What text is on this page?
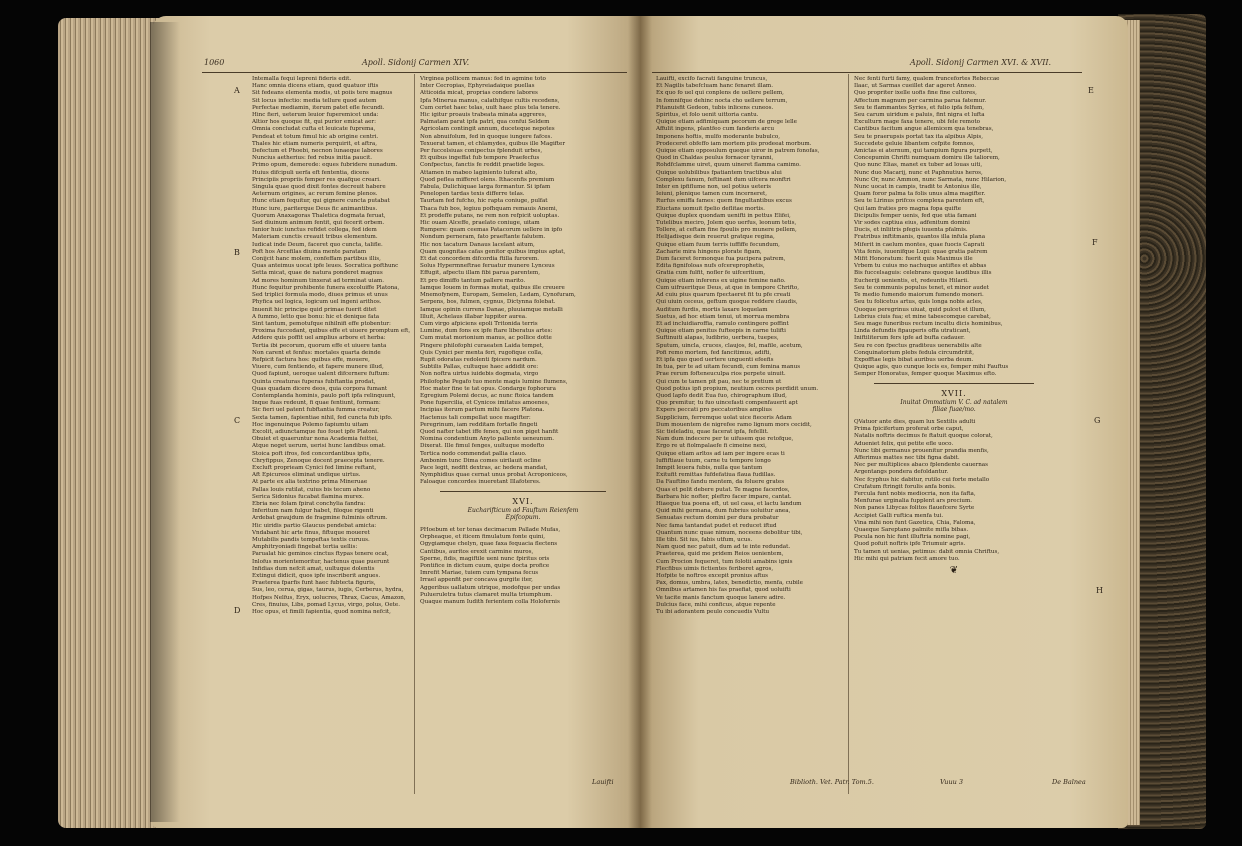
1060	Apoll. Sidonij Carmen XIV.
A
B
C
D
Intemalla fequi lepreni fideris edit.
Hanc omnia dicens etiam, quod quatuor iftis
Sit fedeans elementa modis, ut poiis tere magnus
Sit locus infectio: media tellure quod autem
Perfectae mediamin, iterum patet efle fecundi.
Hinc fieri, ueterum leuior fuperemicet unda:
Altior hos quoque fit, qui purior emicat aer:
Omnia concludat cufta et leuicate fuprema,
Pendeat et totum fimul hic ab origine centri.
Thales hic etiam numeris perquirit, et aftra,
Defectum et Phoebi, necnon lunaeque labores
Nuncius aetherius: fed rebus initia paucit.
Primo opum, demerede: eques fubridere nunadum.
Huius difcipuli uerfa eft fententia, dicens
Principiis propriis femper res quafque creari.
Singula quae quod dixit fontes decreuit habere
Aeternum origines, ac rerum femine plenos.
Hunc etiam fequitur, qui gignere cuncta putabat
Hunc iure, pariterque Deus fic animantibus.
Quorum Anaxagoras Thaletica dogmata feruat,
Sed diuinum animum fentit, qui fecerit orbem.
Iunior huic iunctus refidet collega, fed idem
Materiam cunctis creauit tribus elementum.
Iudicat inde Deum, faceret quo cuncta, talifle.
Poft hos Arcefilas diuina mente paratam
Conijcit hanc molem, confeffam partibus illis,
Quas anteimus uocat ipfe leues. Socratica pofthunc
Setta micat, quae de natura ponderet magnus
Ad mores hominum tinxerat ad terminat uiam.
Hunc fequitur prohibente funera excoluiffe Platona,
Sed triplici formula modo, diues primus et unus
Phyfica uel logica, logicum uel ingeni arithos.
Inuenit hic principe quid primae fuerit ditet
A fummo, letto que bonu: hic et denique fata
Sint tantum, pemotufque nihilnifi effe ptobentur:
Proxima fuccedant, quibus effe et uiuere promptum eft,
Addere quis poffit uel amplius arbore et herba:
Tertia ibi pecorum, quorum effe et uiuere tanta
Non carent et fenfus: mortales quarta deinde
Refpicit factura hos: quibus effe, mouere,
Viuere, cum fentiendo, et fapere munere illud,
Quod fapiunt, ueroque ualent difcernere fuftum:
Quinta creaturas fuperas fubftantia prodat,
Quas quadam dicere deos, quia corpora fumant
Contemplanda hominis, paulo poft ipfa relinquunt,
Inque fuas redeunt, fi quae fentiunt, formam:
Sic fieri uel patent fubftantia fumma creatur,
Sexta tamen, fapientiae nihil, fed cuncta fub ipfo.
Hoc ingenuinque Polemo fapiumtu uitam
Excolit, adiunctamque fuo fouet ipfe Platoni.
Obuiet et quaeruntur nona Academia feittei,
Atque neget uerum, uerisi hunc landibus omat.
Stoica poft ifros, fed concordantibus ipfis,
Chryfippus, Zenoque docent praecepta tenere.
Excluft proprieam Cynici fed limine reftant,
Aft Epicureos eliminat undique uirtus.
At parte ex alia textrino prima Mineruae
Pallas louis rutilat, cuius bis tecum aheno
Serica Sidonius fucabat flamina murex.
Ebria nec folam fpirat conchylia fandra:
Inferitum nam fulgur habet, filoque rigenti
Ardebat graujdum de fragmine fulminis oftrum.
Hic uiridis partio Glaucus pendebat amicta:
Vndabant hic arte finus, fiftuque moueret
Mutabilis pandis tempeftas textis curuus.
Amphitryoniadi fingebat tertia uellis:
Parualat hic geminos cinctus ftypas tenere ocat,
Inlofus morientemoritur, hactenus quae puerunt
Infidias dum nefcit amat, uultuque dolentis
Extingui didicit, quos ipfe inscriberit angues.
Praeterea fparfis funt haec fubtecta figuris,
Sus, leo, cerua, gigas, taurus, iugis, Cerberus, hydra,
Hofpes Nelfus, Eryx, uolucres, Thrax, Cacus, Amazon,
Cres, finuius, Libs, pomad Lycus, virgo, polus, Oete.
Hoc opus, et fimili fapientia, quod nomina nefcit,
Virginea pollicem manus: fed in agmine toto
Inter Cecropias, Ephyreiadaique puellas
Atticoida micat, proprias condere labores
Ipfa Minerua manus, calathifque cultis recedens,
Cum certet haec telas, uult haec plus tela tenere.
Hic igitur proauis trabeata minata aggreres,
Palmatam parat ipfa patri, qua confui Seldem
Agricolam contingit annum, duceteque nepotes
Non abnuifolum, fed in quoque iungere fafces.
Texuerat tamen, et chlamydes, quibus ille Magifter
Per fuccelsiuas conipectus fplenduit urbes,
Et quibus ingeffat fub tempore Praefecfus
Confpectus, fanctis fe reddit praetide leges.
Attamen in mabeo laginiento luferat alto,
Quod peflea mifferet olens. Ithacenfis premium
Fabula, Dulichiquae larga formantur. Si ipfam
Penelopen tardas texis differre telas.
Taurtam fed fufcho, hic rapta coniuge, pulfat
Thaca fub bos, legiuu pofhquam remauis Anemi,
Et prodeffe putans, ne rem non refpicit uoluptas.
Hic ouam Alceffe, praelato coniuge, uitam
Rumpere: quam ceemas Patacorum uellere in ipfo
Nondum perneram, fato praeftante falutem.
Hic nox tacaturn Danaus lacelant aitum,
Quam quognitas cafas genitor quibus impius aptat,
Et dat concordem difcordia ftilla furorem.
Solus Hypermneftrae feruatur munere Lynceus
Effugit, afpectu illam fibi parua parentem,
Et pro dimiffo tantum pallere marito.
Iamque Iouem in formas mutat, quibus ille creuere
Mnemofynem, Europam, Semelen, Ledam, Cynofuram,
Serpens, bos, fulmen, cygnus, Dictynna folebat.
Iamque opinin currens Danae, pluuiamque metalli
Illuit, Achelaus illabar luppiter aurea.
Cum virgo afpiciens epoli Tritonida terris
Lumine, dum fons ex ipfe ftare liberatus artes:
Cum mutat morionium manus, ac pollice dotte
Pingere philofophi curaeaten Laida tempet,
Quis Cynici per menta feri, rugofique colla,
Rupit odoratas redolenti fpicere nardum.
Subtilis Pallas, cultuque haec addidit ore:
Non noftra uirtus iuidebis dogmata, virgo
Philofophe Pegafo tuo mente magis lumine flumens,
Hoc mater fine te tat opus. Condarge fophorura
Egregium Polemi decus, ac nunc ftoica tandem
Pone fupercilia, et Cynicos imitatus amoenes,
Incipias iterum partum mihi facere Platona.
Hactenus tali compellat uoce magifter:
Peregrinum, iam redditam fortafle fingeti
Quod nafter tabet iffe fenex, qui non piget hanfit
Nomina condentium Anyto pallente ueneunum.
Dixerat. Ille fimul fenges, uultuque modefto
Tertica nodo commendat pallia clauo.
Ambonim tunc Dima comes uirilauit ocline
Pace legit, nedfit dextras, ac hedera mandat,
Nymphidius quae cernat unus probat Acroponiceos,
Faloaque concordes inueretant Illafoteres.
XVI.
Eucharifticum ad Fauftum Reienfem
Epifcopum.
PHoebum et ter tenas decimacum Pallade Mufas,
Orpheaque, et iticem fimulatum fonte quini,
Ogygiamque chelyn, quae faxa fequacia flectens
Cantibus, auritos erexit carmine muros,
Sperne, fidis, magiftile ueni nunc fpiritus oris
Pontifice in dictum cuum, quipe docta profice
Imrefit Mariae, tuiem cum tympana fecus
Irrael appenfit per concava gurgite iter,
Aggeribus uallatum utrique, modofque per undas
Pulueruletra tutus clamaret multa triumphum.
Quaque manum Iudith ferientem colla Holofernis
Lauifti
Apoll. Sidonij Carmen XVI. & XVII.
E
F
G
H
Lauifti, excifo facrati fanguine truncus,
Et Nagilis tabefcluam hanc fenaret illam.
Ex quo fo uel qui conplens de uellere pellem,
In fomnifque dehinc nocta cho uellere terrum,
Fitanuisfit Gedeon, tubis inlicens cuneos.
Spiritus, et folo uenit uittoria cantu.
Quique etiam adfimiquam pecorum de grege lelle
Affulit ingens, plantfeo cum fanderis arcu
Imponens hoftis, mulfo moderante bubulco,
Prodeceret obfeffo iam mortem piis prodeeat morbum.
Quique etiam opposulum queque uiror in patrem fonofas,
Quod in Chaldas peulus fornacer tyranni,
Rohdfclamme uiret, quum uineret flamma camimo.
Quique uolubilibus fpatiantem tractibus alui
Complexu fanum, feftinant dum uifcera monftri
Inter en ipfiflume non, uel potius ueteris
Ieiuni, plenique tamen cum incerneret,
Rurfus emiffa fames: quem fingultantibus excus
Eluctans uomuit fpelio deflitae mortis.
Quique duplex quondam uenifti in pettus Elifei,
Tutelibus meciro, Jolem quo uerfus, leonum tetis,
Tollere, at ceftam fine fpoulis pro munere pellem,
Helijadisque dein reuerut gratque regina,
Quique etiam fuum terris iuffiffe fecundum,
Zacharie mira hingens plorate figam,
Dum faceret fermonque fua pucipera patrem,
Edita fignifoloas nufs ofcereprophetis,
Gratia cum fulfit, nofler fe uifceritium,
Quique etiam inferens ex uigine femine nafio.
Cum uifrueritque Deus, at que in tempore Chrifto,
Ad cuiu pius quarum fpectaeret fit tu pfe creati
Qui uiuin ceceus, geftum quoque reddere claudis,
Auditum furdis, mortis laxare loquelam
Suetus, ad hoc etiam tenui, ut morrua membra
Et ad incluidiaroffia, ramulo contingere poffint
Quique etiam penitus fufteepis in carne tulifti
Suftinuiti alapas, ludibrio, uerbera, tuepes,
Sputum, uincla, cruces, claujos, fel, mafile, acetum,
Pofi remo mortem, fed fancitimus, adifti,
Et ipfa quo qued uertere unguenti efeefis
In tua, per te ad uitam fecundi, cum femina manus
Prae rerum fofteneuculpa rios perpete uinuit.
Qui cum te tamen pit pau, nec te pretium ut
Quod potius ipfi propium, neutium cecres perdidit unum.
Quod lapfo dedit Eua fuo, chirographum illud,
Quo premitur, tu fuo uincefasti compenfauerit apt
Expers peccati pro peccatoribus amplius
Supplicium, ferremque uolat uice fieceris Adam
Dum mouentem de nigrefee ramo lignum mors cecidit,
Sic tieleladiu, quae facerat ipfa, fefellit.
Nam dum indecere per te uifusem que retofque,
Ergo re ut fiolmpalaefe fi cimeine nexi,
Quique etiam arltos ad iam per ingere ecas ti
Iuffiftiaue tuum, carne tu tempore longo
Inmpit leuera fubis, nulla que tantum
Exitufit remittas fufdefatiua flaua fudillas.
Da Fauftino fandu mentem, da foluere grates
Quas et pelit debere putat. Te magne facerdos,
Barbara hic nofter, pleftro facer impare, cantat.
Hiaeque tua poena eft, ut uel casa, et lactu landum
Quid mihi germana, dum fubrius uoluitur anea,
Senuatas rectum domini per dura probatur
Nec fama tantandat pudet et reducet iftud
Quantum nunc quae nimum, noceens debolitur tibi,
Ille tibi. Sit ius, fabis utfum, ucus.
Nam quod nec patuit, dum ad te inte redundat.
Praeterea, quid me pridem Reios uenientem,
Cum Procion fequeret, tum folotii amabins ignis
Flecfibus uimis fictientes feriberet agros,
Hofpite te noftros excepit pronius aftus
Pax, domus, umbra, latex, benedictio, menfa, cubile
Omnibus artamen his fas praefiat, quod uoluifti
Ve tacite manis fanctum quoque lanere adire.
Dulcius face, mihi conficus, atque repente
Tu ibi adorantem peulo concuedis Vultu
Nec fenti furti famy, qualem fruncefortes Rebeccae
Ilaac, ut Sarmas cueillet dar ageret Anneo.
Quo propriter ixelle uofis fine fine cultores,
Affectum magnum per carmina parua fatemur.
Seu te flammantes Syries, et fulio ipfa felfum,
Seu carum uiridum e paluis, fint nigra et lufta
Exculturn mage faxa tenere, ubi fele remoto
Cantibus facitum angue allemicem qua tenebras,
Seu te praerupsis portat tax ita alpibus Alpis,
Succedete geluie libantem cefpite fomnos,
Amictas ei aternum, qui tampium figura purpett,
Concepumin Chrifti numquam domiru ille taliorem,
Quo nunc Elias, manet ex tuber ad louas uiti,
Nunc duo Macarij, nunc et Paphnutius heros,
Nunc Or, nunc Ammon, nunc Sarmata, nunc Hilarion,
Nunc uocat in campis, tradit te Antonius ille,
Quam foror palma ta folis unus alma magifter.
Seu te Lirinus prifcos complexa parentem eft,
Qui lam fraties pro magna fopa quifte
Dicipulis femper uenis, fed que utia famani
Vir sodes captiua eius, adfenitum domini
Ducis, et inliitris pfegis iuuenta pfalmis.
Fratribus inftitmanis, quantos illa infula plana
Miferit in caelum montes, quae fuocis Caprati
Vita fenis, iuuenifque Lupi: quae gratia patrem
Mifit Honoratum: fuerit quis Maximus ille
Vrbem tu cuius mo nachuque antiftes et abbas
Bis fuccelsaguis: celebrans quoque laudibus illis
Eucheriji uenientis, et, redeuntis Hilarii.
Seu te communis populus tenet, et minor audet
Te medio fumendo maiorum fumendo moneri.
Seu tu folicetus artus, quis longa nobis acles,
Quoque peregrinus uiuat, quid pulcet et illum,
Lebrius ciuis fua; et mine tabescomque carebat,
Seu mage funeribus rectum incultu dicis hominibus,
Linda defundis fipauperis offa utraticant,
Iniftiliterum fers ipfe ad bufta cadauer.
Seu re con fpectus graditeus uenerabilis alte
Conquinatorium plebs fedula circumdritit,
Expofftae legis bibat auribus uerba deum.
Quique agis, quo cunque locis es, femper mihi Fauftus
Semper Honoratus, femper quoque Maximus efto.
XVII.
Inuitat Ommatium V. C. ad natalem
filiae fuae/mo.
QVatuor ante dies, quam lux Sextilis adulti
Prima fpicifertum proferat orbe caput,
Natalis noftris decimus fe ftatuit quoque colorat,
Adueniet felix, qui petite efle uoco.
Nunc tibi germanus prouenitur prandia menfis,
Afferimus mattes nec tibi figna dabit.
Nec per multiplices abaco fplendente cauernas
Argentangs pondera defoldantur.
Nec fcyphus hic dabitur, rutilo cui forte metallo
Crufatum ftringit forulis anfa bonis.
Fercula funt nobis mediocria, non ita fafta,
Menfurae urginalia fupplent ars precium.
Non panes Libycas folitos flauefcere Syrte
Accipiet Galli ruftica menfa tui.
Vina mihi non funt Gazetica, Chia, Faloma,
Quaeque Sareptano palmite mifla bibas.
Pocula non hic funt illuftria nomine pagi,
Quod pofuit noftris ipfe Triumuir agris.
Tu tamen ut uenias, petimus: dabit omnia Chriftus,
Hic mihi qui patriam fecit amore tuo.
❦
Biblioth. Vet. Patr. Tom.5.	Vuuu 3	De Balnea
